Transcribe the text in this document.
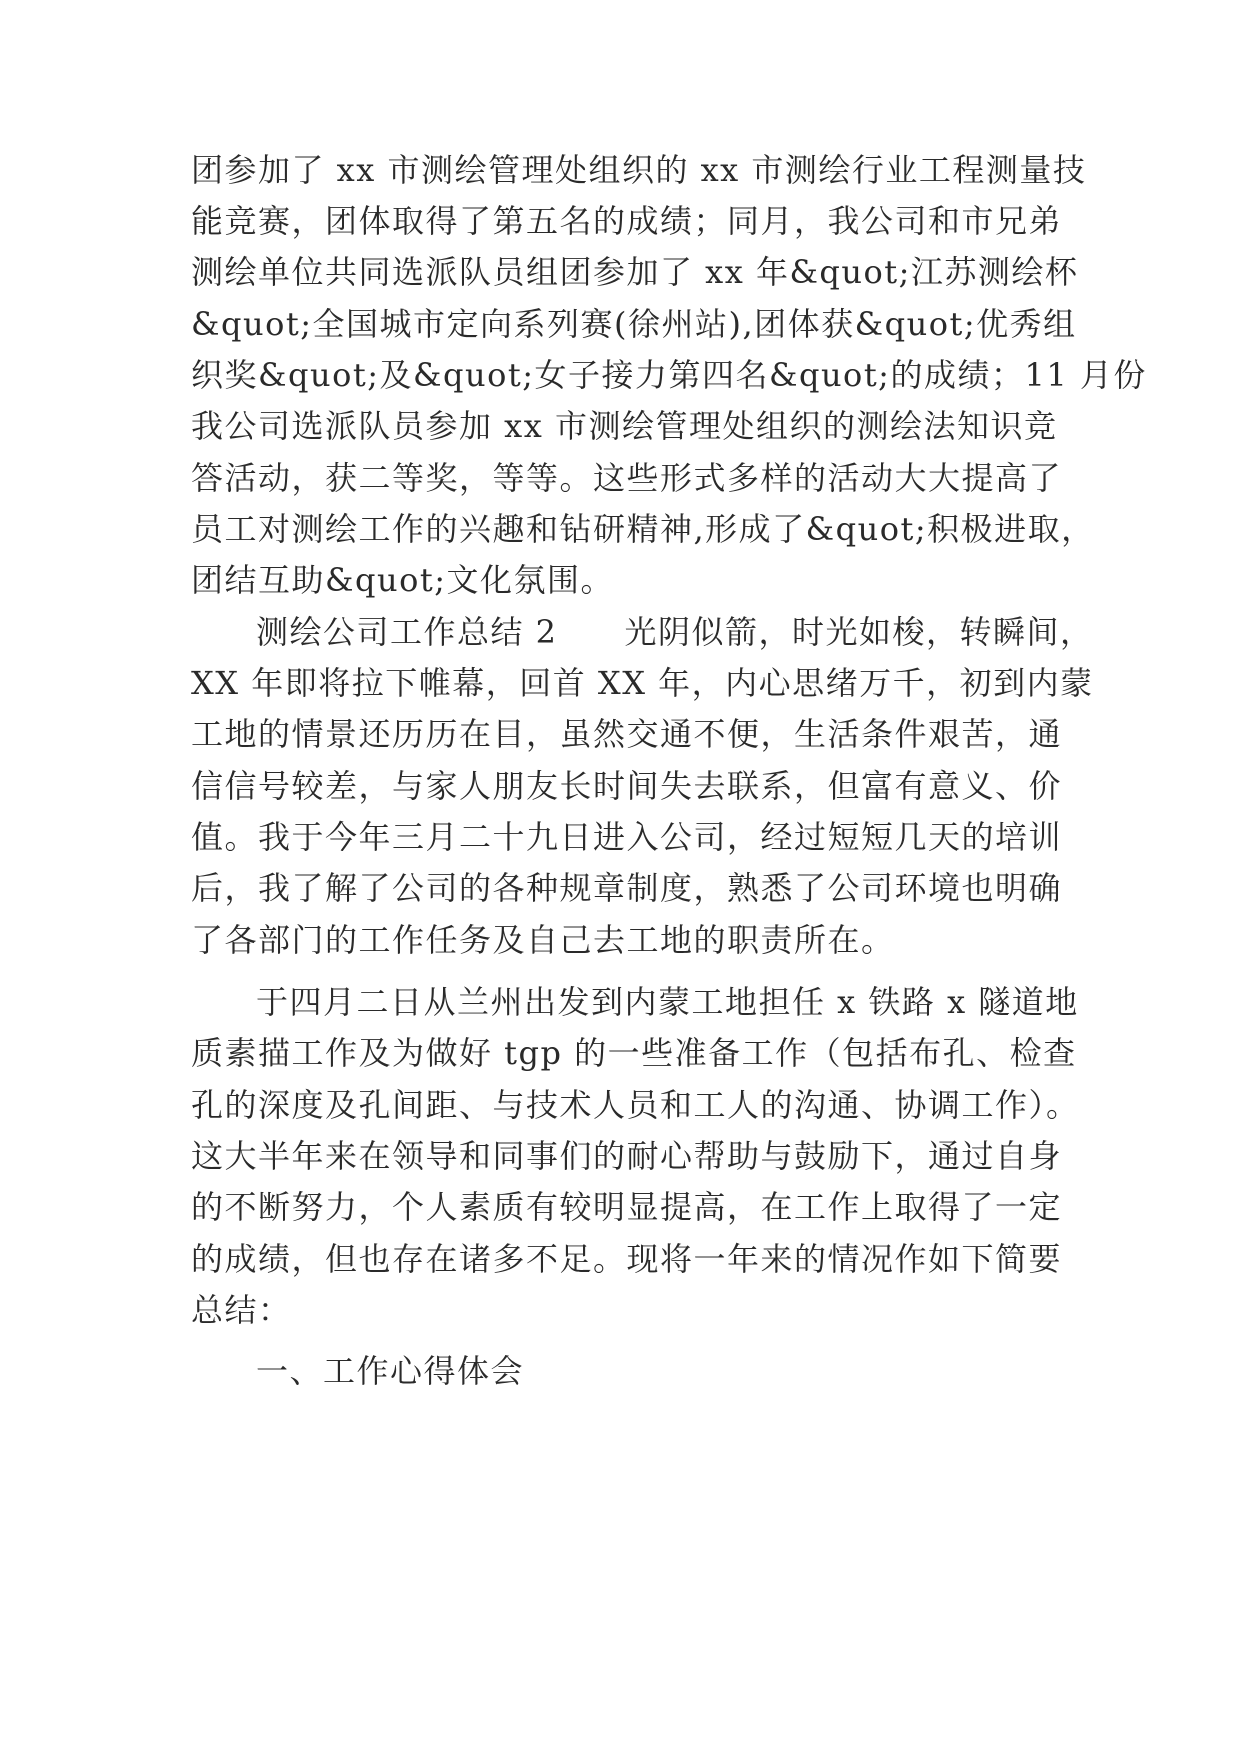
团参加了 xx 市测绘管理处组织的 xx 市测绘行业工程测量技

能竞赛，团体取得了第五名的成绩；同月，我公司和市兄弟

测绘单位共同选派队员组团参加了 xx 年&quot;江苏测绘杯

&quot;全国城市定向系列赛(徐州站),团体获&quot;优秀组

织奖&quot;及&quot;女子接力第四名&quot;的成绩；11 月份

我公司选派队员参加 xx 市测绘管理处组织的测绘法知识竞

答活动，获二等奖，等等。这些形式多样的活动大大提高了

员工对测绘工作的兴趣和钻研精神,形成了&quot;积极进取，

团结互助&quot;文化氛围。

测绘公司工作总结 2　　光阴似箭，时光如梭，转瞬间，

XX 年即将拉下帷幕，回首 XX 年，内心思绪万千，初到内蒙

工地的情景还历历在目，虽然交通不便，生活条件艰苦，通

信信号较差，与家人朋友长时间失去联系，但富有意义、价

值。我于今年三月二十九日进入公司，经过短短几天的培训

后，我了解了公司的各种规章制度，熟悉了公司环境也明确

了各部门的工作任务及自己去工地的职责所在。

于四月二日从兰州出发到内蒙工地担任 x 铁路 x 隧道地

质素描工作及为做好 tgp 的一些准备工作（包括布孔、检查

孔的深度及孔间距、与技术人员和工人的沟通、协调工作）。

这大半年来在领导和同事们的耐心帮助与鼓励下，通过自身

的不断努力，个人素质有较明显提高，在工作上取得了一定

的成绩，但也存在诸多不足。现将一年来的情况作如下简要

总结：

一、工作心得体会
